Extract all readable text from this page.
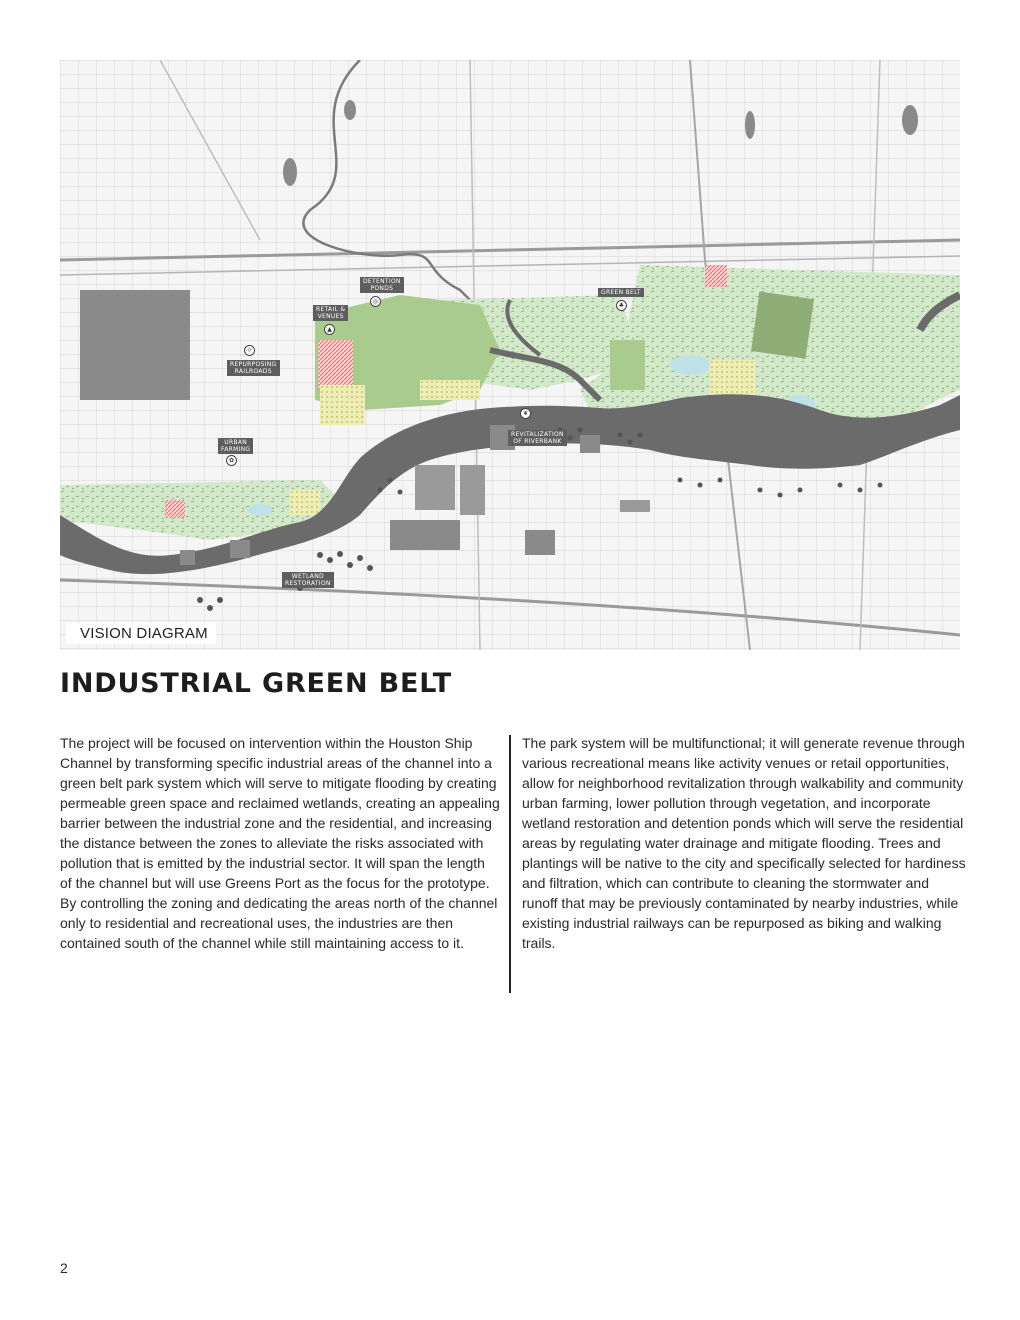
DETENTION
PONDS
◎
GREEN BELT
♣
RETAIL &
VENUES
▲
REPURPOSING
RAILROADS
☼
URBAN
FARMING
✿
REVITALIZATION
OF RIVERBANK
❦
WETLAND
RESTORATION
VISION DIAGRAM
INDUSTRIAL GREEN BELT

The project will be focused on intervention within the Houston Ship Channel by transforming specific industrial areas of the channel into a green belt park system which will serve to mitigate flooding by creating permeable green space and reclaimed wetlands, creating an appealing barrier between the industrial zone and the residential, and increasing the distance between the zones to alleviate the risks associated with pollution that is emitted by the industrial sector. It will span the length of the channel but will use Greens Port as the focus for the prototype. By controlling the zoning and dedicating the areas north of the channel only to residential and recreational uses, the industries are then contained south of the channel while still maintaining access to it.

The park system will be multifunctional; it will generate revenue through various recreational means like activity venues or retail opportunities, allow for neighborhood revitalization through walkability and community urban farming, lower pollution through vegetation, and incorporate wetland restoration and detention ponds which will serve the residential areas by regulating water drainage and mitigate flooding. Trees and plantings will be native to the city and specifically selected for hardiness and filtration, which can contribute to cleaning the stormwater and runoff that may be previously contaminated by nearby industries, while existing industrial railways can be repurposed as biking and walking trails.

2
